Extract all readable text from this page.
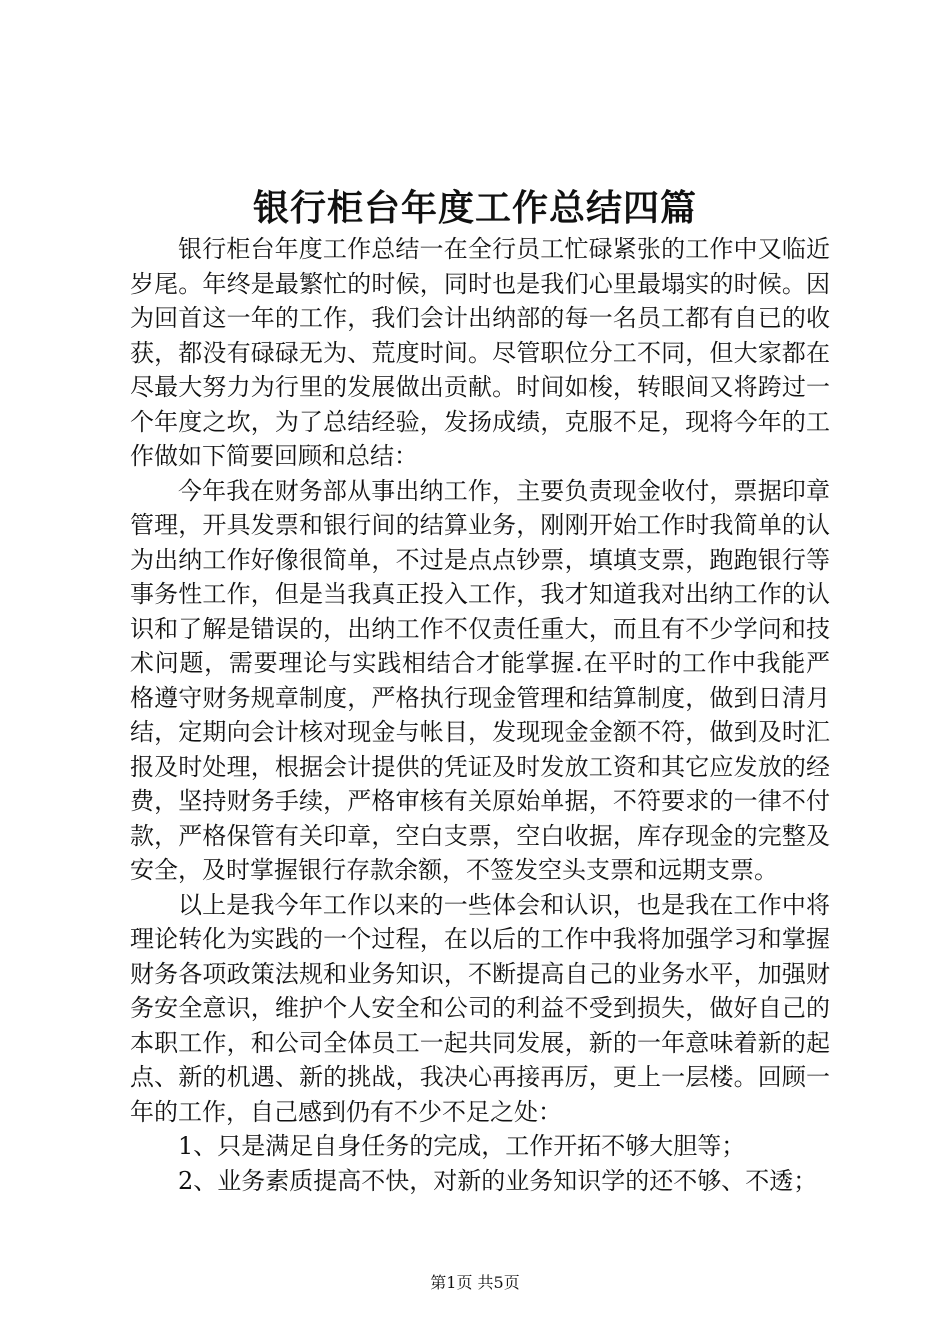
银行柜台年度工作总结四篇

银行柜台年度工作总结一在全行员工忙碌紧张的工作中又临近岁尾。年终是最繁忙的时候，同时也是我们心里最塌实的时候。因为回首这一年的工作，我们会计出纳部的每一名员工都有自已的收获，都没有碌碌无为、荒度时间。尽管职位分工不同，但大家都在尽最大努力为行里的发展做出贡献。时间如梭，转眼间又将跨过一个年度之坎，为了总结经验，发扬成绩，克服不足，现将今年的工作做如下简要回顾和总结：

今年我在财务部从事出纳工作，主要负责现金收付，票据印章管理，开具发票和银行间的结算业务，刚刚开始工作时我简单的认为出纳工作好像很简单，不过是点点钞票，填填支票，跑跑银行等事务性工作，但是当我真正投入工作，我才知道我对出纳工作的认识和了解是错误的，出纳工作不仅责任重大，而且有不少学问和技术问题，需要理论与实践相结合才能掌握.在平时的工作中我能严格遵守财务规章制度，严格执行现金管理和结算制度，做到日清月结，定期向会计核对现金与帐目，发现现金金额不符，做到及时汇报及时处理，根据会计提供的凭证及时发放工资和其它应发放的经费，坚持财务手续，严格审核有关原始单据，不符要求的一律不付款，严格保管有关印章，空白支票，空白收据，库存现金的完整及安全，及时掌握银行存款余额，不签发空头支票和远期支票。

以上是我今年工作以来的一些体会和认识，也是我在工作中将理论转化为实践的一个过程，在以后的工作中我将加强学习和掌握财务各项政策法规和业务知识，不断提高自己的业务水平，加强财务安全意识，维护个人安全和公司的利益不受到损失，做好自己的本职工作，和公司全体员工一起共同发展，新的一年意味着新的起点、新的机遇、新的挑战，我决心再接再厉，更上一层楼。回顾一年的工作，自己感到仍有不少不足之处：

1、只是满足自身任务的完成，工作开拓不够大胆等；

2、业务素质提高不快，对新的业务知识学的还不够、不透；

第1页 共5页
